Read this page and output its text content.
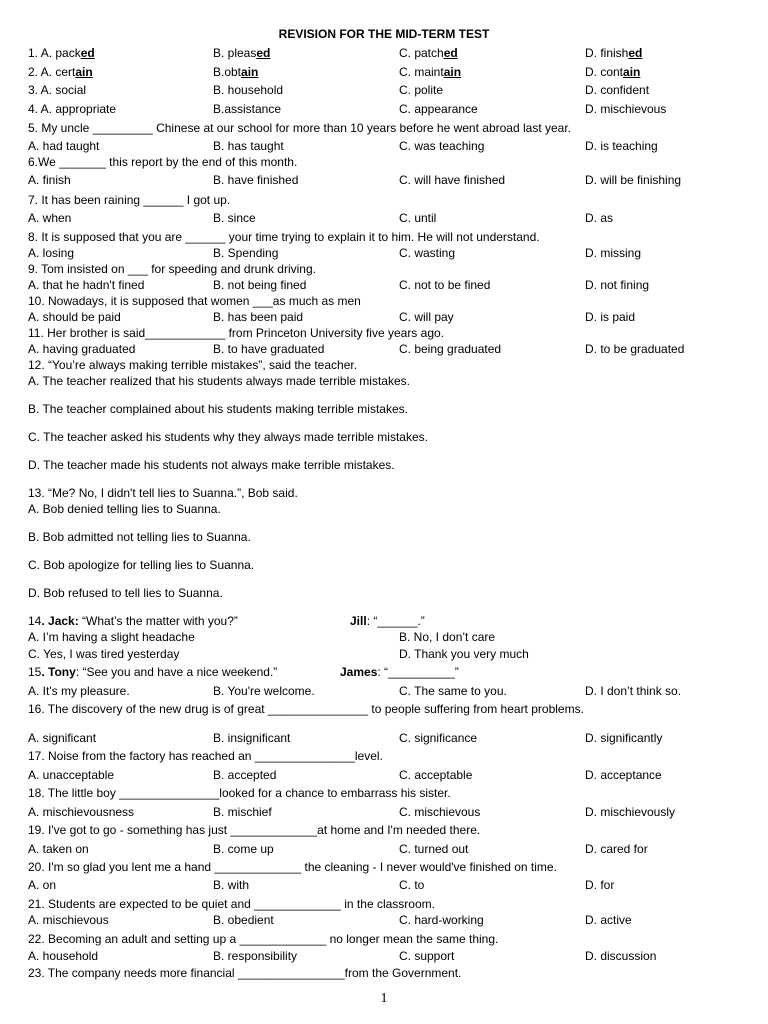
REVISION FOR THE MID-TERM TEST
1. A. packed	B. pleased	C. patched	D. finished
2. A. certain	B.obtain	C. maintain	D. contain
3. A. social	B. household	C. polite	D. confident
4. A. appropriate	B.assistance	C. appearance	D. mischievous
5. My uncle _________ Chinese at our school for more than 10 years before he went abroad last year.
A. had taught	B. has taught	C. was teaching	D. is teaching
6.We _______ this report by the end of this month.
A. finish	B. have finished	C. will have finished	D. will be finishing
7. It has been raining ______ I got up.
A. when	B. since	C. until	D. as
8. It is supposed that you are ______ your time trying to explain it to him. He will not understand.
A. losing	B. Spending	C. wasting	D. missing
9. Tom insisted on ___ for speeding and drunk driving.
A. that he hadn't fined	B. not being fined	C. not to be fined	D. not fining
10. Nowadays, it is supposed that women ___as much as men
A. should be paid	B. has been paid	C. will pay	D. is paid
11. Her brother is said____________ from Princeton University five years ago.
A. having graduated	B. to have graduated	C. being graduated	D. to be graduated
12. “You’re always making terrible mistakes”, said the teacher.
A. The teacher realized that his students always made terrible mistakes.
B. The teacher complained about his students making terrible mistakes.
C. The teacher asked his students why they always made terrible mistakes.
D. The teacher made his students not always make terrible mistakes.
13. “Me? No, I didn't tell lies to Suanna.”, Bob said.
A. Bob denied telling lies to Suanna.
B. Bob admitted not telling lies to Suanna.
C. Bob apologize for telling lies to Suanna.
D. Bob refused to tell lies to Suanna.
14. Jack: “What’s the matter with you?”	Jill: “______.”
A. I’m having a slight headache	B. No, I don’t care
C. Yes, I was tired yesterday	D. Thank you very much
15. Tony: “See you and have a nice weekend.”	James: “__________”
A. It's my pleasure.	B. You're welcome.	C. The same to you.	D. I don’t think so.
16. The discovery of the new drug is of great _______________ to people suffering from heart problems.
A. significant	B. insignificant	C. significance	D. significantly
17. Noise from the factory has reached an _______________level.
A. unacceptable	B. accepted	C. acceptable	D. acceptance
18. The little boy _______________looked for a chance to embarrass his sister.
A. mischievousness	B. mischief	C. mischievous	D. mischievously
19. I've got to go - something has just _____________at home and I'm needed there.
A. taken on	B. come up	C. turned out	D. cared for
20. I'm so glad you lent me a hand _____________ the cleaning - I never would've finished on time.
A. on	B. with	C. to	D. for
21. Students are expected to be quiet and _____________ in the classroom.
A. mischievous	B. obedient	C. hard-working	D. active
22. Becoming an adult and setting up a _____________ no longer mean the same thing.
A. household	B. responsibility	C. support	D. discussion
23. The company needs more financial ________________from the Government.
1
